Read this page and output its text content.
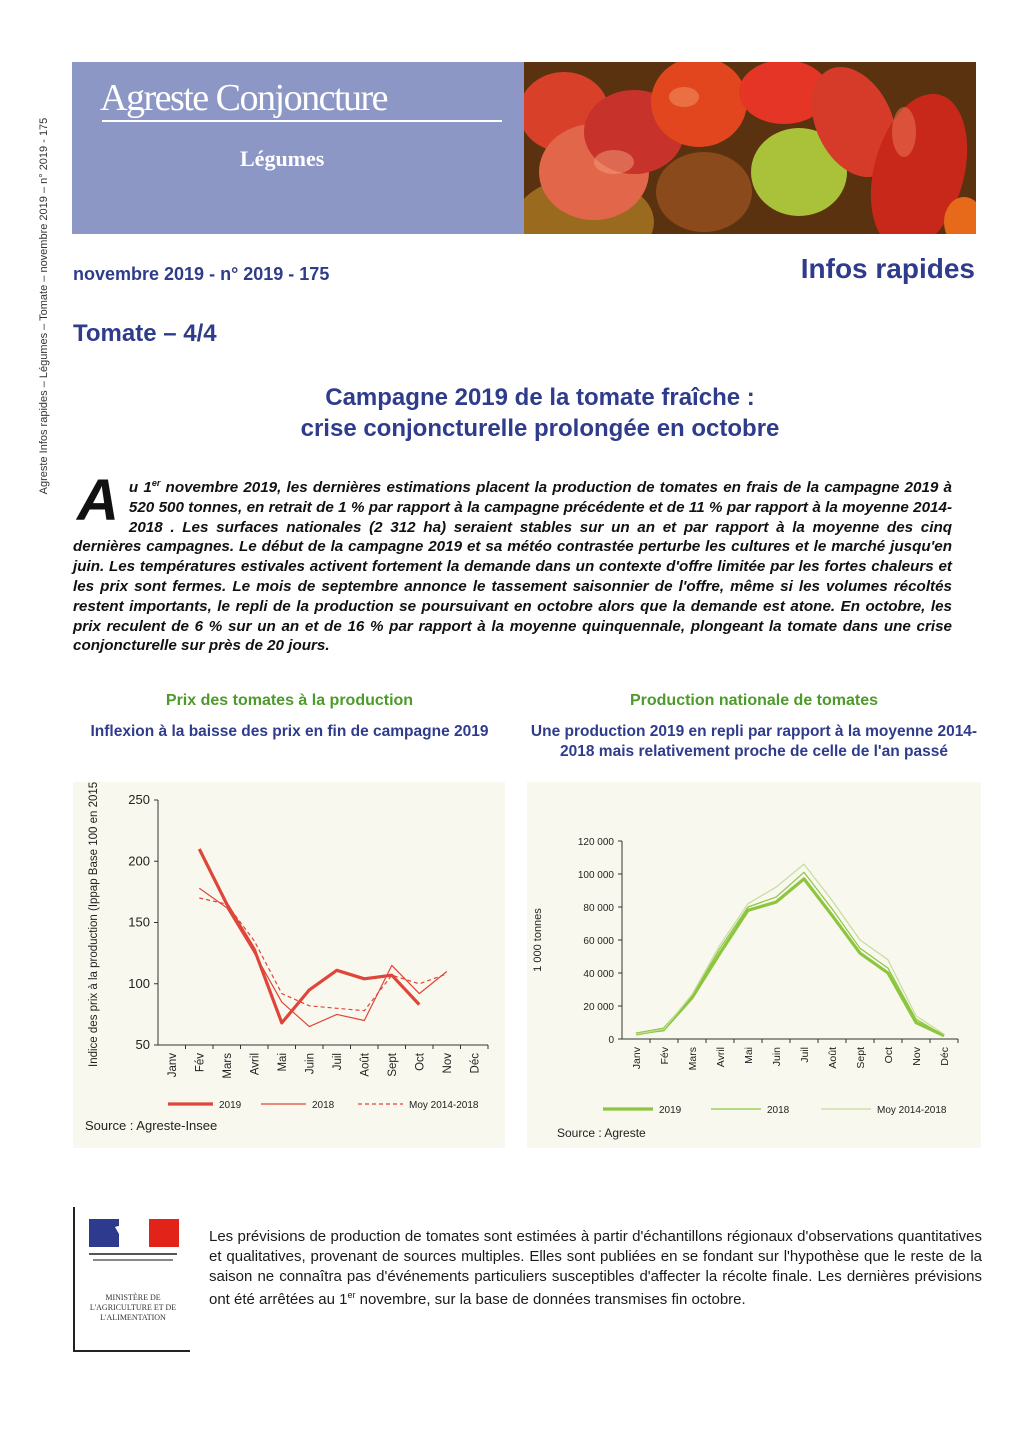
Agreste Infos rapides – Légumes – Tomate – novembre 2019 – n° 2019 - 175
Agreste Conjoncture
Légumes
novembre 2019 - n° 2019 - 175	Infos rapides
Tomate – 4/4
Campagne 2019 de la tomate fraîche :
crise conjoncturelle prolongée en octobre
Au 1er novembre 2019, les dernières estimations placent la production de tomates en frais de la campagne 2019 à 520 500 tonnes, en retrait de 1 % par rapport à la campagne précédente et de 11 % par rapport à la moyenne 2014-2018 . Les surfaces nationales (2 312 ha) seraient stables sur un an et par rapport à la moyenne des cinq dernières campagnes. Le début de la campagne 2019 et sa météo contrastée perturbe les cultures et le marché jusqu'en juin. Les températures estivales activent fortement la demande dans un contexte d'offre limitée par les fortes chaleurs et les prix sont fermes. Le mois de septembre annonce le tassement saisonnier de l'offre, même si les volumes récoltés restent importants, le repli de la production se poursuivant en octobre alors que la demande est atone. En octobre, les prix reculent de 6 % sur un an et de 16 % par rapport à la moyenne quinquennale, plongeant la tomate dans une crise conjoncturelle sur près de 20 jours.
Prix des tomates à la production
Inflexion à la baisse des prix en fin de campagne 2019
Production nationale de tomates
Une production 2019 en repli par rapport à la moyenne 2014-2018 mais relativement proche de celle de l'an passé
50
100
150
200
250
Janv Fév Mars Avril Mai Juin Juil Août Sept Oct Nov Déc
Indice des prix à la production (Ippap Base 100 en 2015)
2019	2018	Moy 2014-2018
Source : Agreste-Insee
0
20 000
40 000
60 000
80 000
100 000
120 000
Janv Fév Mars Avril Mai Juin Juil Août Sept Oct Nov Déc
1 000 tonnes
2019	2018	Moy 2014-2018
Source : Agreste
MINISTÈRE DE L'AGRICULTURE ET DE L'ALIMENTATION
Les prévisions de production de tomates sont estimées à partir d'échantillons régionaux d'observations quantitatives et qualitatives, provenant de sources multiples. Elles sont publiées en se fondant sur l'hypothèse que le reste de la saison ne connaîtra pas d'événements particuliers susceptibles d'affecter la récolte finale. Les dernières prévisions ont été arrêtées au 1er novembre, sur la base de données transmises fin octobre.
